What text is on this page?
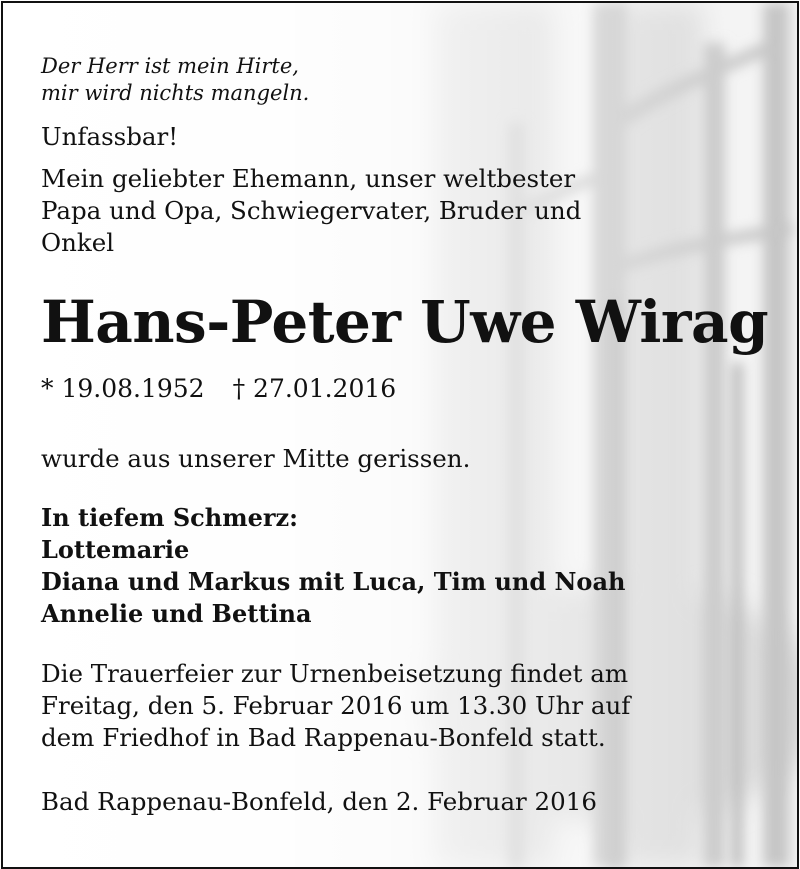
Der Herr ist mein Hirte,

mir wird nichts mangeln.

Unfassbar!

Mein geliebter Ehemann, unser weltbester

Papa und Opa, Schwiegervater, Bruder und

Onkel

Hans-Peter Uwe Wirag

* 19.08.1952 † 27.01.2016

wurde aus unserer Mitte gerissen.

In tiefem Schmerz:

Lottemarie

Diana und Markus mit Luca, Tim und Noah

Annelie und Bettina

Die Trauerfeier zur Urnenbeisetzung findet am

Freitag, den 5. Februar 2016 um 13.30 Uhr auf

dem Friedhof in Bad Rappenau-Bonfeld statt.

Bad Rappenau-Bonfeld, den 2. Februar 2016
